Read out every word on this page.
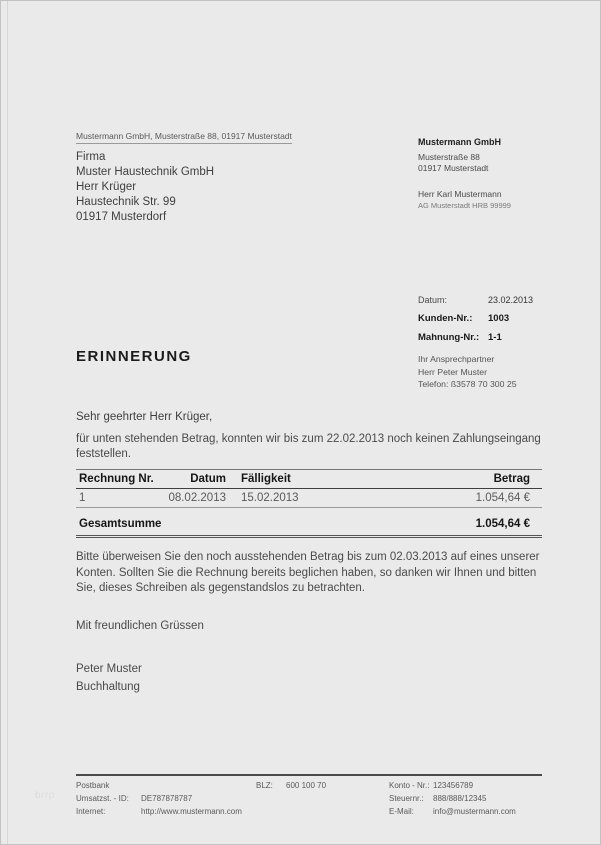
Mustermann GmbH, Musterstraße 88, 01917 Musterstadt
Firma
Muster Haustechnik GmbH
Herr Krüger
Haustechnik Str. 99
01917 Musterdorf
Mustermann GmbH
Musterstraße 88
01917 Musterstadt
Herr Karl Mustermann
AG Musterstadt HRB 99999
Datum:	23.02.2013
Kunden-Nr.:	1003
Mahnung-Nr.: 1-1
Ihr Ansprechpartner
Herr Peter Muster
Telefon: ß3578 70 300 25
ERINNERUNG
Sehr geehrter Herr Krüger,
für unten stehenden Betrag, konnten wir bis zum 22.02.2013 noch keinen Zahlungseingang feststellen.
Rechnung Nr.	Datum	Fälligkeit	Betrag
1	08.02.2013	15.02.2013	1.054,64 €
Gesamtsumme			1.054,64 €
Bitte überweisen Sie den noch ausstehenden Betrag bis zum 02.03.2013 auf eines unserer Konten. Sollten Sie die Rechnung bereits beglichen haben, so danken wir Ihnen und bitten Sie, dieses Schreiben als gegenstandslos zu betrachten.
Mit freundlichen Grüssen
Peter Muster
Buchhaltung
brrp
Postbank	BLZ: 600 100 70	Konto - Nr.: 123456789
Umsatzst. - ID: DE787878787	Steuernr.: 888/888/12345
Internet:	http://www.mustermann.com	E-Mail: info@mustermann.com
